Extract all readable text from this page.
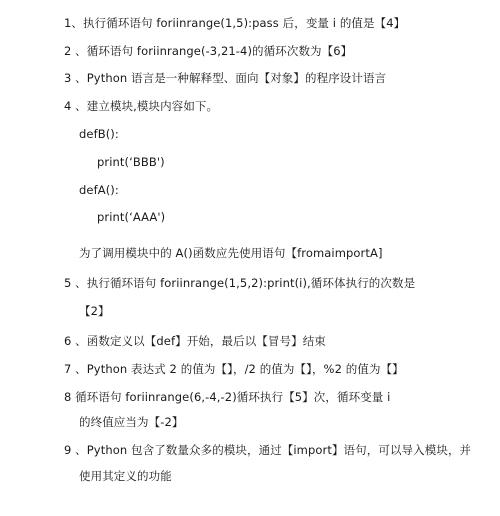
1、执行循环语句 foriinrange(1,5):pass 后，变量 i 的值是【4】
2 、循环语句 foriinrange(-3,21-4)的循环次数为【6】
3 、Python 语言是一种解释型、面向【对象】的程序设计语言
4 、建立模块,模块内容如下。
defB():
print(‘BBB')
defA():
print(‘AAA')
为了调用模块中的 A()函数应先使用语句【fromaimportA]
5 、执行循环语句 foriinrange(1,5,2):print(i),循环体执行的次数是
【2】
6 、函数定义以【def】开始，最后以【冒号】结束
7 、Python 表达式 2 的值为【】，/2 的值为【】，%2 的值为【】
8 循环语句 foriinrange(6,-4,-2)循环执行【5】次，循环变量 i
的终值应当为【-2】
9 、Python 包含了数量众多的模块，通过【import】语句，可以导入模块，并
使用其定义的功能
